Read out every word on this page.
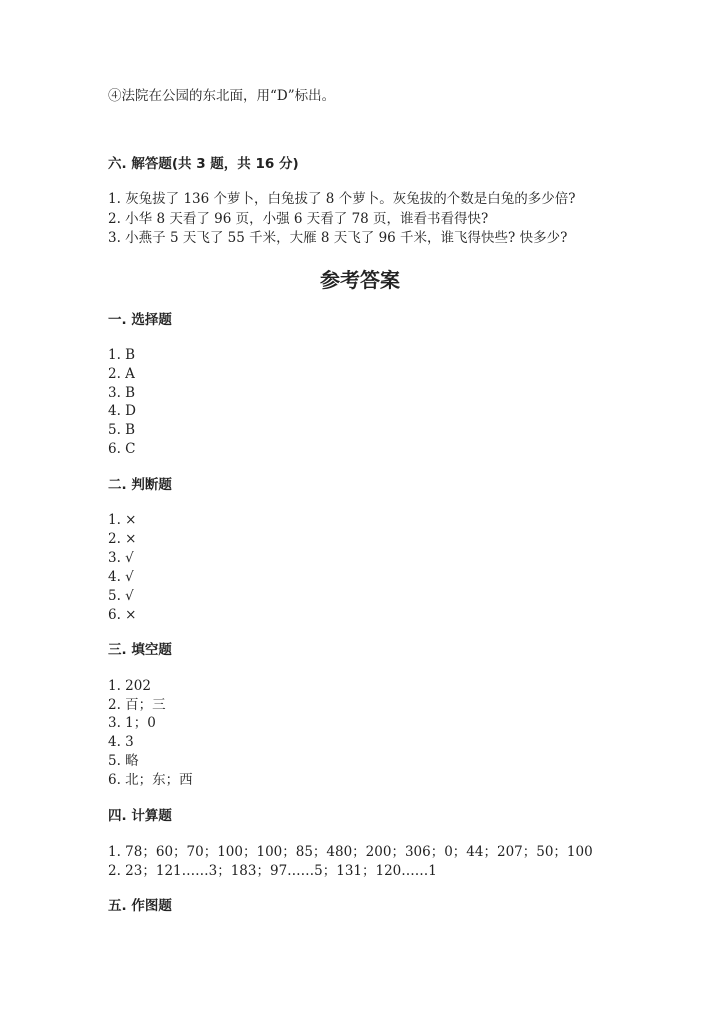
④法院在公园的东北面，用“D”标出。
六. 解答题(共 3 题，共 16 分)
1. 灰兔拔了 136 个萝卜，白兔拔了 8 个萝卜。灰兔拔的个数是白兔的多少倍?
2. 小华 8 天看了 96 页，小强 6 天看了 78 页，谁看书看得快?
3. 小燕子 5 天飞了 55 千米，大雁 8 天飞了 96 千米，谁飞得快些? 快多少?
参考答案
一. 选择题
1. B
2. A
3. B
4. D
5. B
6. C
二. 判断题
1. ×
2. ×
3. √
4. √
5. √
6. ×
三. 填空题
1. 202
2. 百；三
3. 1；0
4. 3
5. 略
6. 北；东；西
四. 计算题
1. 78；60；70；100；100；85；480；200；306；0；44；207；50；100
2. 23；121……3；183；97……5；131；120……1
五. 作图题
